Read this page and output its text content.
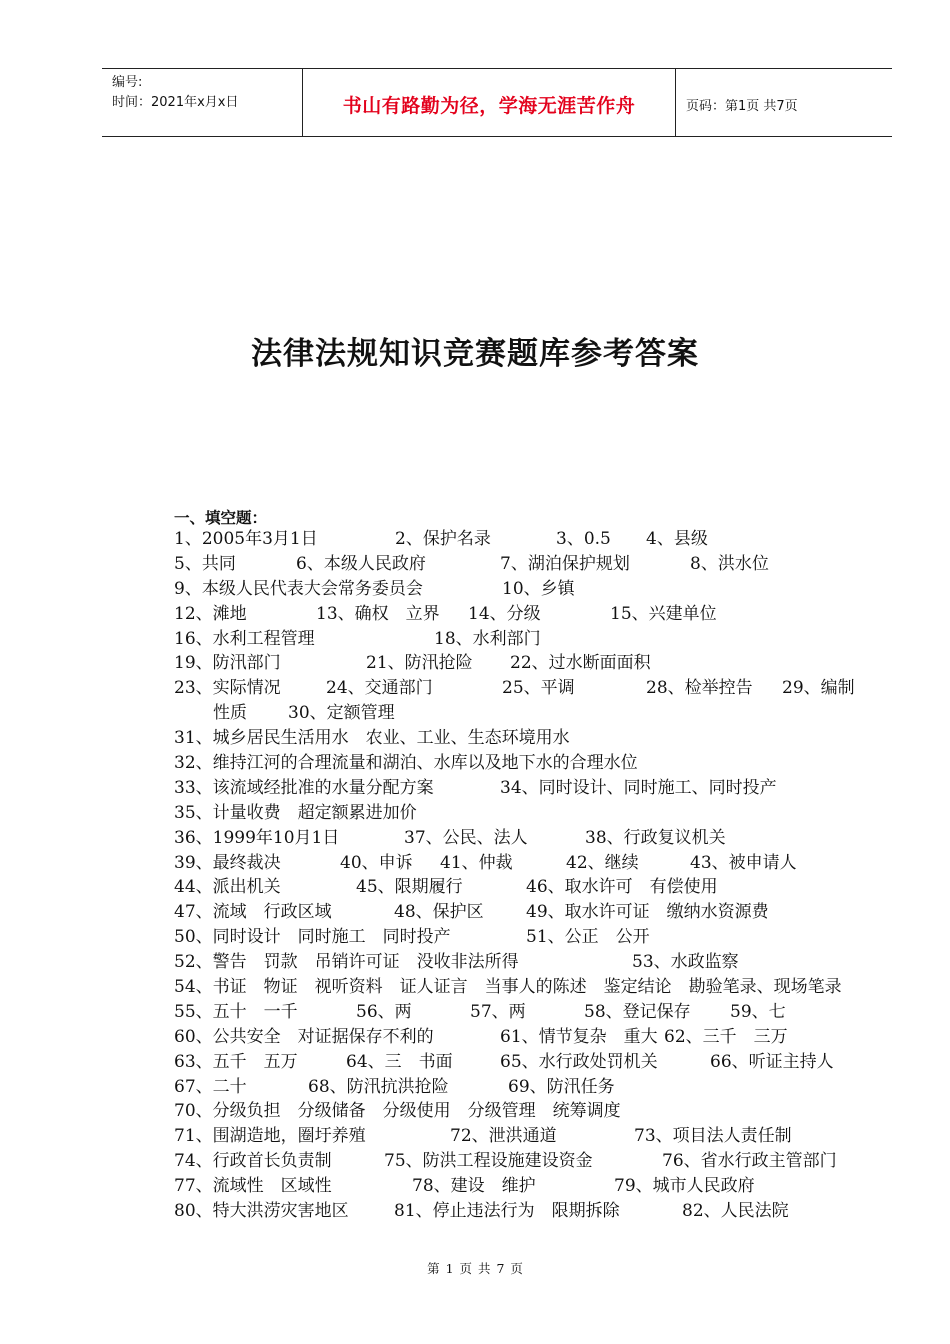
编号:
时间：2021年x月x日	书山有路勤为径，学海无涯苦作舟	页码：第1页 共7页
法律法规知识竞赛题库参考答案
一、填空题：
1、2005年3月1日	2、保护名录	3、0.5 4、县级
5、共同	6、本级人民政府	7、湖泊保护规划	8、洪水位
9、本级人民代表大会常务委员会	10、乡镇
12、滩地	13、确权　立界 14、分级	15、兴建单位
16、水利工程管理	18、水利部门
19、防汛部门	21、防汛抢险 22、过水断面面积
23、实际情况	24、交通部门	25、平调	28、检举控告 29、编制
性质 30、定额管理
31、城乡居民生活用水　农业、工业、生态环境用水
32、维持江河的合理流量和湖泊、水库以及地下水的合理水位
33、该流域经批准的水量分配方案	34、同时设计、同时施工、同时投产
35、计量收费　超定额累进加价
36、1999年10月1日	37、公民、法人	38、行政复议机关
39、最终裁决	40、申诉 41、仲裁	42、继续	43、被申请人
44、派出机关	45、限期履行	46、取水许可　有偿使用
47、流域　行政区域	48、保护区 49、取水许可证　缴纳水资源费
50、同时设计　同时施工　同时投产	51、公正　公开
52、警告　罚款　吊销许可证　没收非法所得	53、水政监察
54、书证　物证　视听资料　证人证言　当事人的陈述　鉴定结论　勘验笔录、现场笔录
55、五十　一千	56、两	57、两	58、登记保存 59、七
60、公共安全　对证据保存不利的	61、情节复杂　重大 62、三千　三万
63、五千　五万	64、三　书面	65、水行政处罚机关	66、听证主持人
67、二十	68、防汛抗洪抢险	69、防汛任务
70、分级负担　分级储备　分级使用　分级管理　统筹调度
71、围湖造地，圈圩养殖	72、泄洪通道	73、项目法人责任制
74、行政首长负责制	75、防洪工程设施建设资金	76、省水行政主管部门
77、流域性　区域性	78、建设　维护	79、城市人民政府
80、特大洪涝灾害地区	81、停止违法行为　限期拆除	82、人民法院
第 1 页 共 7 页
